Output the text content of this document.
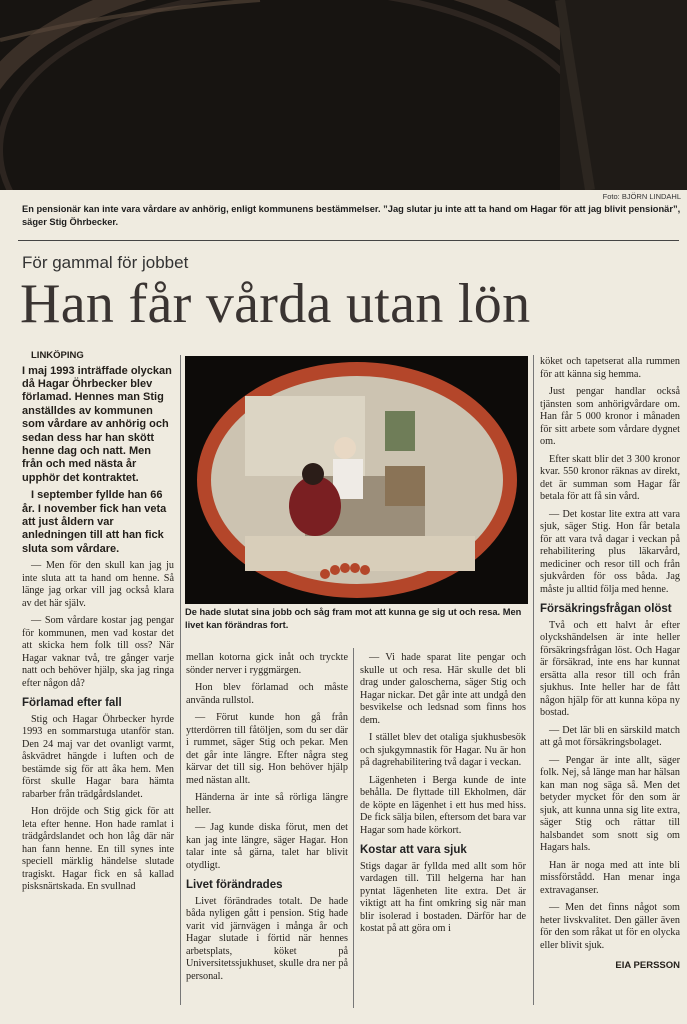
Foto: BJÖRN LINDAHL
En pensionär kan inte vara vårdare av anhörig, enligt kommunens bestämmelser. ”Jag slutar ju inte att ta hand om Hagar för att jag blivit pensionär”, säger Stig Öhrbecker.
För gammal för jobbet
Han får vårda utan lön
LINKÖPING

I maj 1993 inträffade olyckan då Hagar Öhrbecker blev förlamad. Hennes man Stig anställdes av kommunen som vårdare av anhörig och sedan dess har han skött henne dag och natt. Men från och med nästa år upphör det kontraktet.

I september fyllde han 66 år. I november fick han veta att just åldern var anledningen till att han fick sluta som vårdare.

— Men för den skull kan jag ju inte sluta att ta hand om henne. Så länge jag orkar vill jag också klara av det här själv.

— Som vårdare kostar jag pengar för kommunen, men vad kostar det att skicka hem folk till oss? När Hagar vaknar två, tre gånger varje natt och behöver hjälp, ska jag ringa efter någon då?

Förlamad efter fall

Stig och Hagar Öhrbecker hyrde 1993 en sommarstuga utanför stan. Den 24 maj var det ovanligt varmt, åskvädret hängde i luften och de bestämde sig för att åka hem. Men först skulle Hagar bara hämta rabarber från trädgårdslandet.

Hon dröjde och Stig gick för att leta efter henne. Hon hade ramlat i trädgårdslandet och hon låg där när han fann henne. En till synes inte speciell märklig händelse slutade tragiskt. Hagar fick en så kallad pisksnärtskada. En svullnad

De hade slutat sina jobb och såg fram mot att kunna ge sig ut och resa. Men livet kan förändras fort.

mellan kotorna gick inåt och tryckte sönder nerver i ryggmärgen.

Hon blev förlamad och måste använda rullstol.

— Förut kunde hon gå från ytterdörren till fåtöljen, som du ser där i rummet, säger Stig och pekar. Men det går inte längre. Efter några steg kärvar det till sig. Hon behöver hjälp med nästan allt.

Händerna är inte så rörliga längre heller.

— Jag kunde diska förut, men det kan jag inte längre, säger Hagar. Hon talar inte så gärna, talet har blivit otydligt.

Livet förändrades

Livet förändrades totalt. De hade båda nyligen gått i pension. Stig hade varit vid järnvägen i många år och Hagar slutade i förtid när hennes arbetsplats, köket på Universitetssjukhuset, skulle dra ner på personal.

— Vi hade sparat lite pengar och skulle ut och resa. Här skulle det bli drag under galoscherna, säger Stig och Hagar nickar. Det går inte att undgå den besvikelse och ledsnad som finns hos dem.

I stället blev det otaliga sjukhusbesök och sjukgymnastik för Hagar. Nu är hon på dagrehabilitering två dagar i veckan.

Lägenheten i Berga kunde de inte behålla. De flyttade till Ekholmen, där de köpte en lägenhet i ett hus med hiss. De fick sälja bilen, eftersom det bara var Hagar som hade körkort.

Kostar att vara sjuk

Stigs dagar är fyllda med allt som hör vardagen till. Till helgerna har han pyntat lägenheten lite extra. Det är viktigt att ha fint omkring sig när man blir isolerad i bostaden. Därför har de kostat på att göra om i

köket och tapetserat alla rummen för att känna sig hemma.

Just pengar handlar också tjänsten som anhörigvårdare om. Han får 5 000 kronor i månaden för sitt arbete som vårdare dygnet om.

Efter skatt blir det 3 300 kronor kvar. 550 kronor räknas av direkt, det är summan som Hagar får betala för att få sin vård.

— Det kostar lite extra att vara sjuk, säger Stig. Hon får betala för att vara två dagar i veckan på rehabilitering plus läkarvård, mediciner och resor till och från sjukvården för oss båda. Jag måste ju alltid följa med henne.

Försäkringsfrågan olöst

Två och ett halvt år efter olyckshändelsen är inte heller försäkringsfrågan löst. Och Hagar är försäkrad, inte ens har kunnat ersätta alla resor till och från sjukhus. Inte heller har de fått någon hjälp för att kunna köpa ny bostad.

— Det lär bli en särskild match att gå mot försäkringsbolaget.

— Pengar är inte allt, säger folk. Nej, så länge man har hälsan kan man nog säga så. Men det betyder mycket för den som är sjuk, att kunna unna sig lite extra, säger Stig och rättar till halsbandet som snott sig om Hagars hals.

Han är noga med att inte bli missförstådd. Han menar inga extravaganser.

— Men det finns något som heter livskvalitet. Den gäller även för den som råkat ut för en olycka eller blivit sjuk.

EIA PERSSON
